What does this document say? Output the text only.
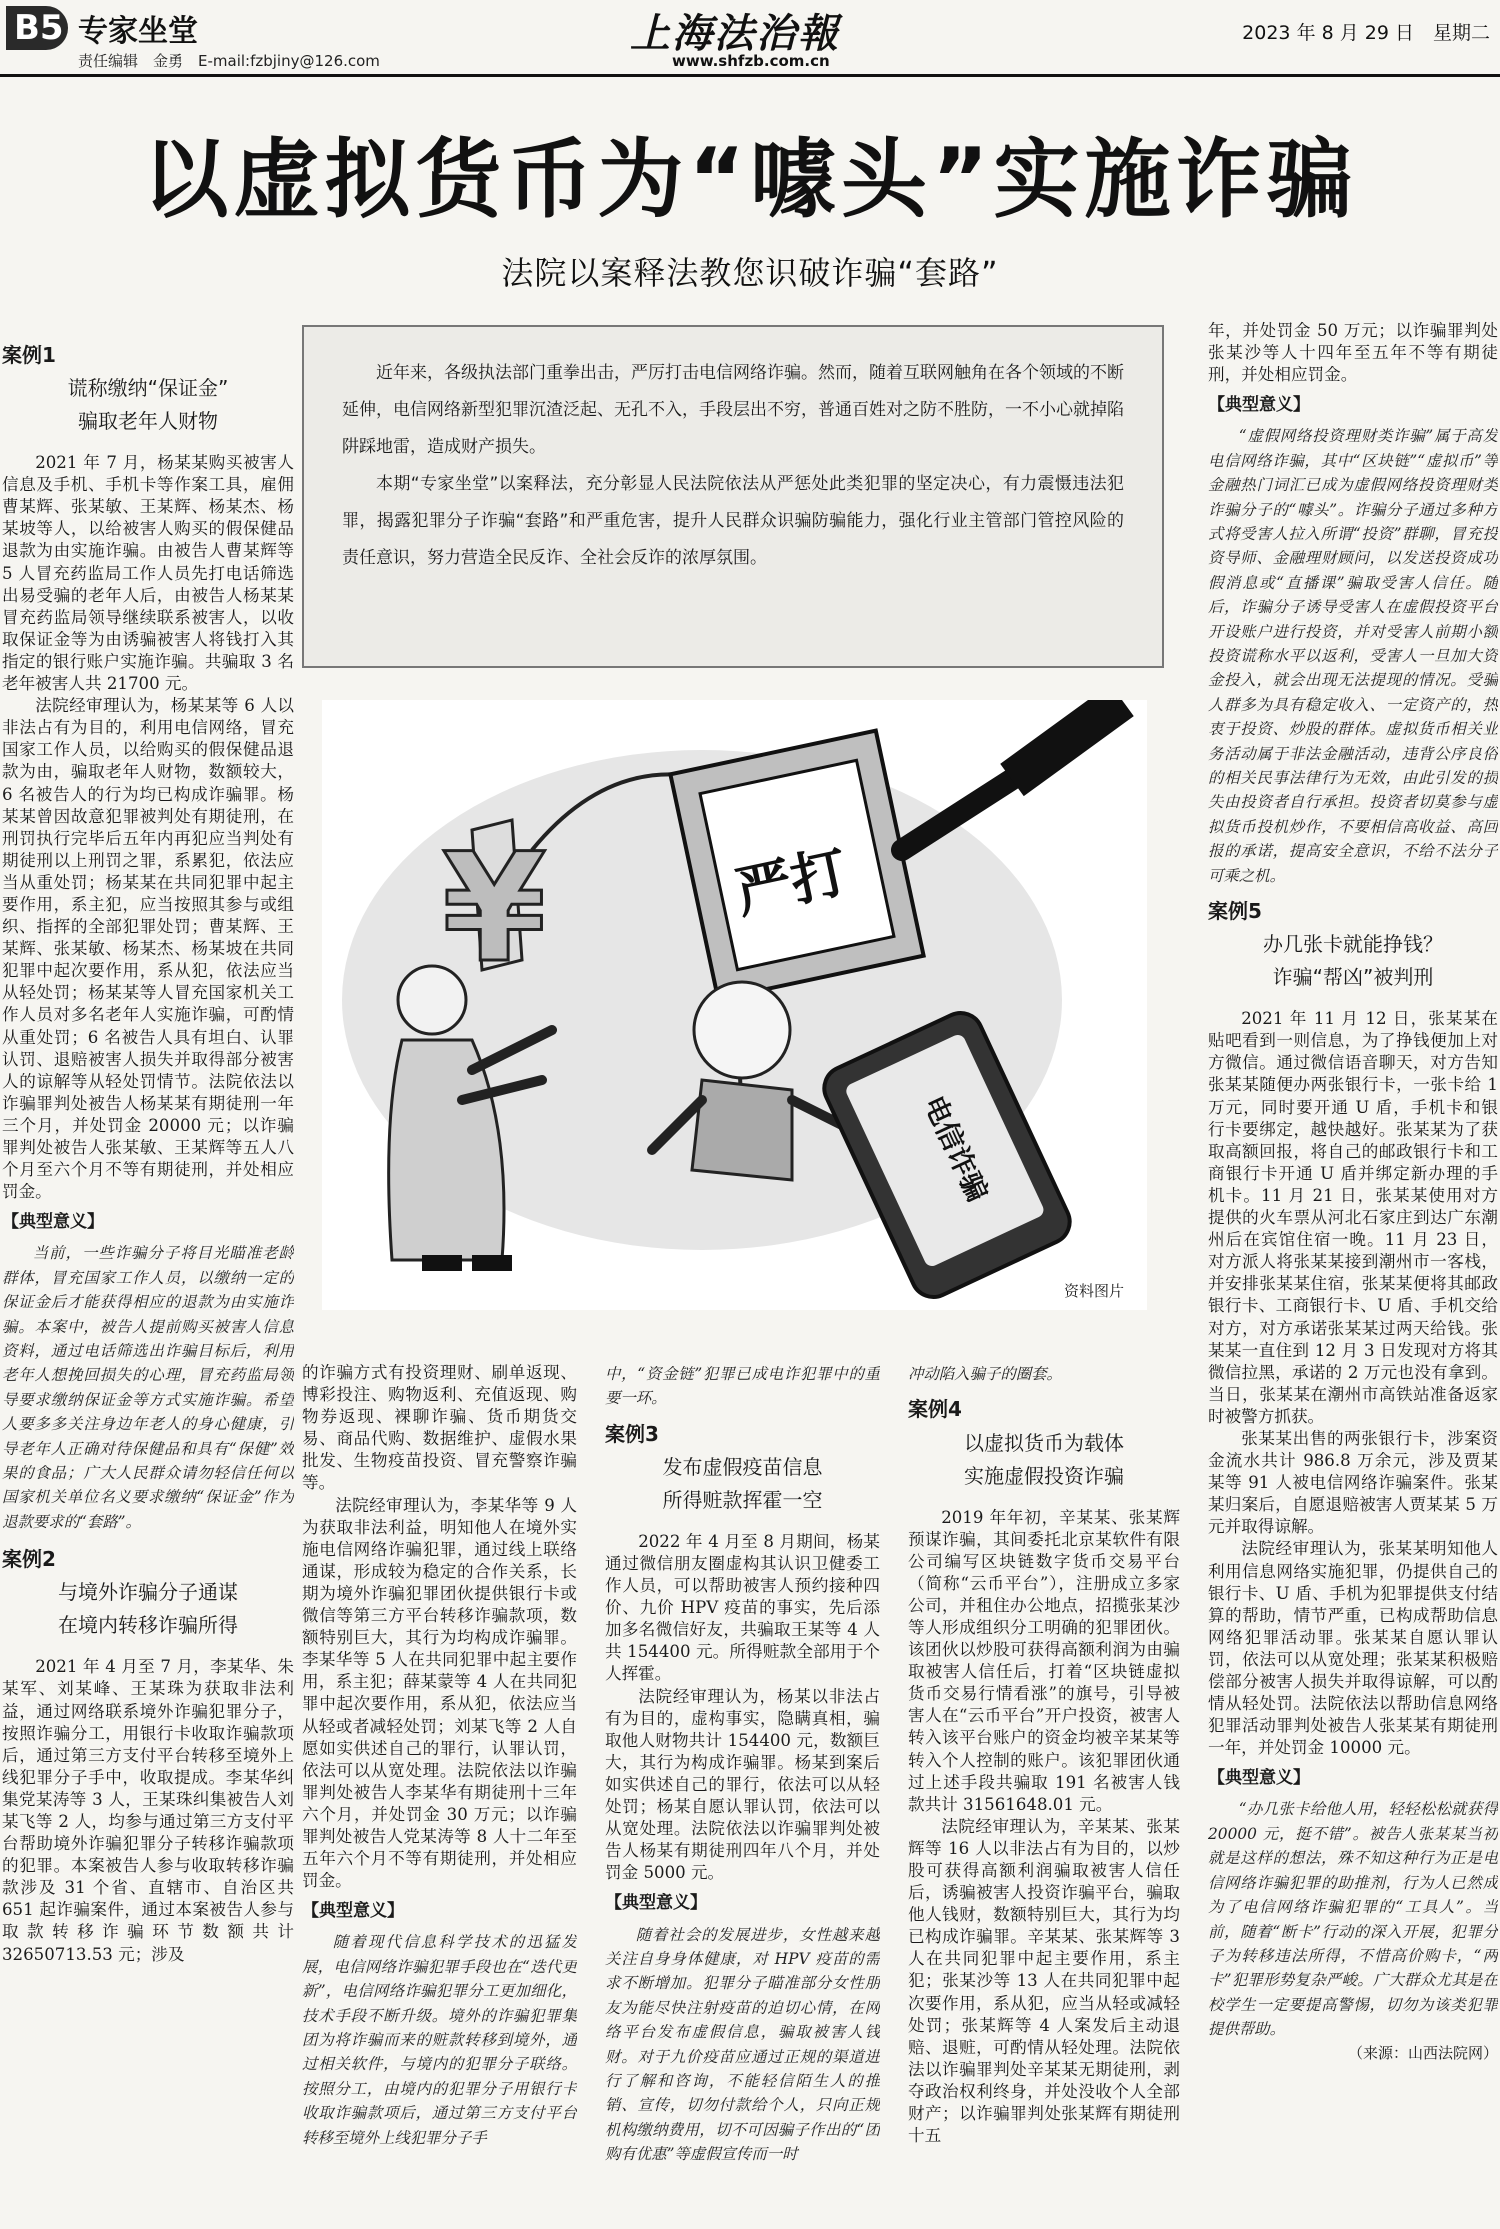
B5 专家坐堂
责任编辑　金勇　E-mail:fzbjiny@126.com
上海法治報
www.shfzb.com.cn
2023 年 8 月 29 日　星期二
以虚拟货币为“噱头”实施诈骗
法院以案释法教您识破诈骗“套路”

近年来，各级执法部门重拳出击，严厉打击电信网络诈骗。然而，随着互联网触角在各个领域的不断延伸，电信网络新型犯罪沉渣泛起、无孔不入，手段层出不穷，普通百姓对之防不胜防，一不小心就掉陷阱踩地雷，造成财产损失。

本期“专家坐堂”以案释法，充分彰显人民法院依法从严惩处此类犯罪的坚定决心，有力震慑违法犯罪，揭露犯罪分子诈骗“套路”和严重危害，提升人民群众识骗防骗能力，强化行业主管部门管控风险的责任意识，努力营造全民反诈、全社会反诈的浓厚氛围。

¥	严打
电信诈骗
资料图片
案例1
谎称缴纳“保证金”
骗取老年人财物

2021 年 7 月，杨某某购买被害人信息及手机、手机卡等作案工具，雇佣曹某辉、张某敏、王某辉、杨某杰、杨某坡等人，以给被害人购买的假保健品退款为由实施诈骗。由被告人曹某辉等 5 人冒充药监局工作人员先打电话筛选出易受骗的老年人后，由被告人杨某某冒充药监局领导继续联系被害人，以收取保证金等为由诱骗被害人将钱打入其指定的银行账户实施诈骗。共骗取 3 名老年被害人共 21700 元。

法院经审理认为，杨某某等 6 人以非法占有为目的，利用电信网络，冒充国家工作人员，以给购买的假保健品退款为由，骗取老年人财物，数额较大，6 名被告人的行为均已构成诈骗罪。杨某某曾因故意犯罪被判处有期徒刑，在刑罚执行完毕后五年内再犯应当判处有期徒刑以上刑罚之罪，系累犯，依法应当从重处罚；杨某某在共同犯罪中起主要作用，系主犯，应当按照其参与或组织、指挥的全部犯罪处罚；曹某辉、王某辉、张某敏、杨某杰、杨某坡在共同犯罪中起次要作用，系从犯，依法应当从轻处罚；杨某某等人冒充国家机关工作人员对多名老年人实施诈骗，可酌情从重处罚；6 名被告人具有坦白、认罪认罚、退赔被害人损失并取得部分被害人的谅解等从轻处罚情节。法院依法以诈骗罪判处被告人杨某某有期徒刑一年三个月，并处罚金 20000 元；以诈骗罪判处被告人张某敏、王某辉等五人八个月至六个月不等有期徒刑，并处相应罚金。

【典型意义】

当前，一些诈骗分子将目光瞄准老龄群体，冒充国家工作人员，以缴纳一定的保证金后才能获得相应的退款为由实施诈骗。本案中，被告人提前购买被害人信息资料，通过电话筛选出诈骗目标后，利用老年人想挽回损失的心理，冒充药监局领导要求缴纳保证金等方式实施诈骗。希望人要多多关注身边年老人的身心健康，引导老年人正确对待保健品和具有“保健”效果的食品；广大人民群众请勿轻信任何以国家机关单位名义要求缴纳“保证金”作为退款要求的“套路”。

案例2
与境外诈骗分子通谋
在境内转移诈骗所得

2021 年 4 月至 7 月，李某华、朱某军、刘某峰、王某珠为获取非法利益，通过网络联系境外诈骗犯罪分子，按照诈骗分工，用银行卡收取诈骗款项后，通过第三方支付平台转移至境外上线犯罪分子手中，收取提成。李某华纠集党某涛等 3 人，王某珠纠集被告人刘某飞等 2 人，均参与通过第三方支付平台帮助境外诈骗犯罪分子转移诈骗款项的犯罪。本案被告人参与收取转移诈骗款涉及 31 个省、直辖市、自治区共 651 起诈骗案件，通过本案被告人参与取款转移诈骗环节数额共计 32650713.53 元；涉及

的诈骗方式有投资理财、刷单返现、博彩投注、购物返利、充值返现、购物券返现、裸聊诈骗、货币期货交易、商品代购、数据维护、虚假水果批发、生物疫苗投资、冒充警察诈骗等。

法院经审理认为，李某华等 9 人为获取非法利益，明知他人在境外实施电信网络诈骗犯罪，通过线上联络通谋，形成较为稳定的合作关系，长期为境外诈骗犯罪团伙提供银行卡或微信等第三方平台转移诈骗款项，数额特别巨大，其行为均构成诈骗罪。李某华等 5 人在共同犯罪中起主要作用，系主犯；薛某蒙等 4 人在共同犯罪中起次要作用，系从犯，依法应当从轻或者减轻处罚；刘某飞等 2 人自愿如实供述自己的罪行，认罪认罚，依法可以从宽处理。法院依法以诈骗罪判处被告人李某华有期徒刑十三年六个月，并处罚金 30 万元；以诈骗罪判处被告人党某涛等 8 人十二年至五年六个月不等有期徒刑，并处相应罚金。

【典型意义】

随着现代信息科学技术的迅猛发展，电信网络诈骗犯罪手段也在“迭代更新”，电信网络诈骗犯罪分工更加细化，技术手段不断升级。境外的诈骗犯罪集团为将诈骗而来的赃款转移到境外，通过相关软件，与境内的犯罪分子联络。按照分工，由境内的犯罪分子用银行卡收取诈骗款项后，通过第三方支付平台转移至境外上线犯罪分子手

中，“资金链”犯罪已成电诈犯罪中的重要一环。

案例3
发布虚假疫苗信息
所得赃款挥霍一空

2022 年 4 月至 8 月期间，杨某通过微信朋友圈虚构其认识卫健委工作人员，可以帮助被害人预约接种四价、九价 HPV 疫苗的事实，先后添加多名微信好友，共骗取王某等 4 人共 154400 元。所得赃款全部用于个人挥霍。

法院经审理认为，杨某以非法占有为目的，虚构事实，隐瞒真相，骗取他人财物共计 154400 元，数额巨大，其行为构成诈骗罪。杨某到案后如实供述自己的罪行，依法可以从轻处罚；杨某自愿认罪认罚，依法可以从宽处理。法院依法以诈骗罪判处被告人杨某有期徒刑四年八个月，并处罚金 5000 元。

【典型意义】

随着社会的发展进步，女性越来越关注自身身体健康，对 HPV 疫苗的需求不断增加。犯罪分子瞄准部分女性朋友为能尽快注射疫苗的迫切心情，在网络平台发布虚假信息，骗取被害人钱财。对于九价疫苗应通过正规的渠道进行了解和咨询，不能轻信陌生人的推销、宣传，切勿付款给个人，只向正规机构缴纳费用，切不可因骗子作出的“团购有优惠”等虚假宣传而一时

冲动陷入骗子的圈套。

案例4
以虚拟货币为载体
实施虚假投资诈骗

2019 年年初，辛某某、张某辉预谋诈骗，其间委托北京某软件有限公司编写区块链数字货币交易平台（简称“云币平台”），注册成立多家公司，并租住办公地点，招揽张某沙等人形成组织分工明确的犯罪团伙。该团伙以炒股可获得高额利润为由骗取被害人信任后，打着“区块链虚拟货币交易行情看涨”的旗号，引导被害人在“云币平台”开户投资，被害人转入该平台账户的资金均被辛某某等转入个人控制的账户。该犯罪团伙通过上述手段共骗取 191 名被害人钱款共计 31561648.01 元。

法院经审理认为，辛某某、张某辉等 16 人以非法占有为目的，以炒股可获得高额利润骗取被害人信任后，诱骗被害人投资诈骗平台，骗取他人钱财，数额特别巨大，其行为均已构成诈骗罪。辛某某、张某辉等 3 人在共同犯罪中起主要作用，系主犯；张某沙等 13 人在共同犯罪中起次要作用，系从犯，应当从轻或减轻处罚；张某辉等 4 人案发后主动退赔、退赃，可酌情从轻处理。法院依法以诈骗罪判处辛某某无期徒刑，剥夺政治权利终身，并处没收个人全部财产；以诈骗罪判处张某辉有期徒刑十五

年，并处罚金 50 万元；以诈骗罪判处张某沙等人十四年至五年不等有期徒刑，并处相应罚金。

【典型意义】

“虚假网络投资理财类诈骗”属于高发电信网络诈骗，其中“区块链”“虚拟币”等金融热门词汇已成为虚假网络投资理财类诈骗分子的“噱头”。诈骗分子通过多种方式将受害人拉入所谓“投资”群聊，冒充投资导师、金融理财顾问，以发送投资成功假消息或“直播课”骗取受害人信任。随后，诈骗分子诱导受害人在虚假投资平台开设账户进行投资，并对受害人前期小额投资谎称水平以返利，受害人一旦加大资金投入，就会出现无法提现的情况。受骗人群多为具有稳定收入、一定资产的，热衷于投资、炒股的群体。虚拟货币相关业务活动属于非法金融活动，违背公序良俗的相关民事法律行为无效，由此引发的损失由投资者自行承担。投资者切莫参与虚拟货币投机炒作，不要相信高收益、高回报的承诺，提高安全意识，不给不法分子可乘之机。

案例5
办几张卡就能挣钱？
诈骗“帮凶”被判刑

2021 年 11 月 12 日，张某某在贴吧看到一则信息，为了挣钱便加上对方微信。通过微信语音聊天，对方告知张某某随便办两张银行卡，一张卡给 1 万元，同时要开通 U 盾，手机卡和银行卡要绑定，越快越好。张某某为了获取高额回报，将自己的邮政银行卡和工商银行卡开通 U 盾并绑定新办理的手机卡。11 月 21 日，张某某使用对方提供的火车票从河北石家庄到达广东潮州后在宾馆住宿一晚。11 月 23 日，对方派人将张某某接到潮州市一客栈，并安排张某某住宿，张某某便将其邮政银行卡、工商银行卡、U 盾、手机交给对方，对方承诺张某某过两天给钱。张某某一直住到 12 月 3 日发现对方将其微信拉黑，承诺的 2 万元也没有拿到。当日，张某某在潮州市高铁站准备返家时被警方抓获。

张某某出售的两张银行卡，涉案资金流水共计 986.8 万余元，涉及贾某某等 91 人被电信网络诈骗案件。张某某归案后，自愿退赔被害人贾某某 5 万元并取得谅解。

法院经审理认为，张某某明知他人利用信息网络实施犯罪，仍提供自己的银行卡、U 盾、手机为犯罪提供支付结算的帮助，情节严重，已构成帮助信息网络犯罪活动罪。张某某自愿认罪认罚，依法可以从宽处理；张某某积极赔偿部分被害人损失并取得谅解，可以酌情从轻处罚。法院依法以帮助信息网络犯罪活动罪判处被告人张某某有期徒刑一年，并处罚金 10000 元。

【典型意义】

“办几张卡给他人用，轻轻松松就获得 20000 元，挺不错”。被告人张某某当初就是这样的想法，殊不知这种行为正是电信网络诈骗犯罪的助推剂，行为人已然成为了电信网络诈骗犯罪的“工具人”。当前，随着“断卡”行动的深入开展，犯罪分子为转移违法所得，不惜高价购卡，“两卡”犯罪形势复杂严峻。广大群众尤其是在校学生一定要提高警惕，切勿为该类犯罪提供帮助。

（来源：山西法院网）
